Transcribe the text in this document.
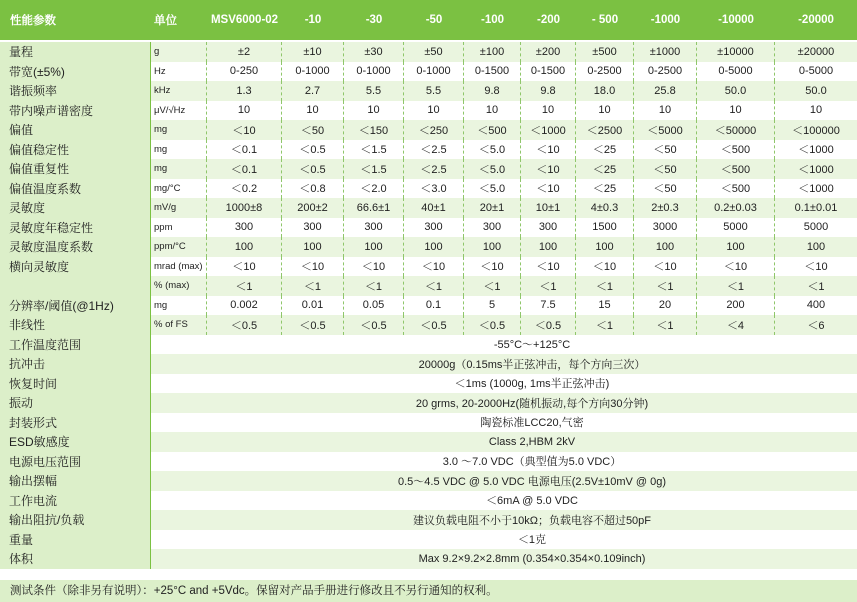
性能参数	单位	MSV6000-02	-10	-30	-50	-100	-200	- 500	-1000	-10000	-20000
量程	g	±2	±10	±30	±50	±100	±200	±500	±1000	±10000	±20000
带宽(±5%)	Hz	0-250	0-1000	0-1000	0-1000	0-1500	0-1500	0-2500	0-2500	0-5000	0-5000
谐振频率	kHz	1.3	2.7	5.5	5.5	9.8	9.8	18.0	25.8	50.0	50.0
带内噪声谱密度	μV/√Hz	10	10	10	10	10	10	10	10	10	10
偏值	mg	＜10	＜50	＜150	＜250	＜500	＜1000	＜2500	＜5000	＜50000	＜100000
偏值稳定性	mg	＜0.1	＜0.5	＜1.5	＜2.5	＜5.0	＜10	＜25	＜50	＜500	＜1000
偏值重复性	mg	＜0.1	＜0.5	＜1.5	＜2.5	＜5.0	＜10	＜25	＜50	＜500	＜1000
偏值温度系数	mg/°C	＜0.2	＜0.8	＜2.0	＜3.0	＜5.0	＜10	＜25	＜50	＜500	＜1000
灵敏度	mV/g	1000±8	200±2	66.6±1	40±1	20±1	10±1	4±0.3	2±0.3	0.2±0.03	0.1±0.01
灵敏度年稳定性	ppm	300	300	300	300	300	300	1500	3000	5000	5000
灵敏度温度系数	ppm/°C	100	100	100	100	100	100	100	100	100	100
横向灵敏度	mrad (max)	＜10	＜10	＜10	＜10	＜10	＜10	＜10	＜10	＜10	＜10
	% (max)	＜1	＜1	＜1	＜1	＜1	＜1	＜1	＜1	＜1	＜1
分辨率/阈值(@1Hz)	mg	0.002	0.01	0.05	0.1	5	7.5	15	20	200	400
非线性	% of FS	＜0.5	＜0.5	＜0.5	＜0.5	＜0.5	＜0.5	＜1	＜1	＜4	＜6
工作温度范围		-55°C～+125°C									
抗冲击		20000g（0.15ms半正弦冲击，每个方向三次）									
恢复时间		＜1ms (1000g, 1ms半正弦冲击)									
振动		20 grms, 20-2000Hz(随机振动,每个方向30分钟)									
封装形式		陶瓷标准LCC20,气密									
ESD敏感度		Class 2,HBM 2kV									
电源电压范围		3.0 ～7.0 VDC（典型值为5.0 VDC）									
输出摆幅		0.5～4.5 VDC @ 5.0 VDC 电源电压(2.5V±10mV @ 0g)									
工作电流		＜6mA @ 5.0 VDC									
输出阻抗/负载		建议负载电阻不小于10kΩ；负载电容不超过50pF									
重量		＜1克									
体积		Max 9.2×9.2×2.8mm (0.354×0.354×0.109inch)									
测试条件（除非另有说明）：+25°C and +5Vdc。保留对产品手册进行修改且不另行通知的权利。
